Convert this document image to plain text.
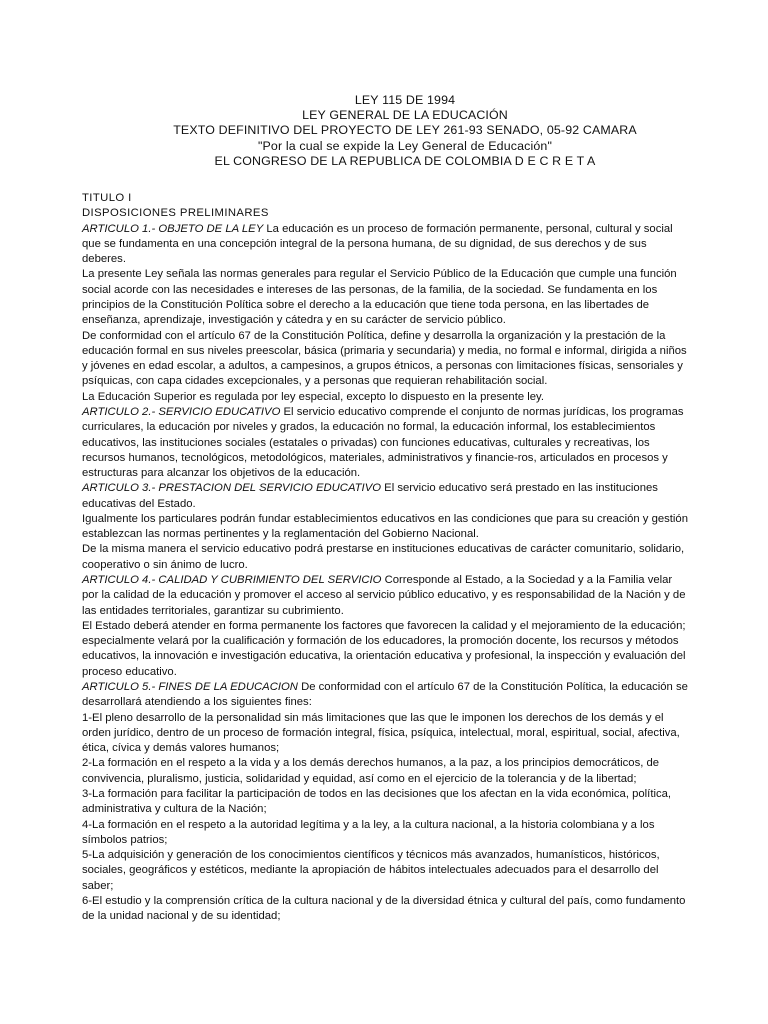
LEY 115 DE 1994
LEY GENERAL DE LA EDUCACIÓN
TEXTO DEFINITIVO DEL PROYECTO DE LEY 261-93 SENADO, 05-92 CAMARA
"Por la cual se expide la Ley General de Educación"
EL CONGRESO DE LA REPUBLICA DE COLOMBIA D E C R E T A

TITULO I

DISPOSICIONES PRELIMINARES

ARTICULO 1.- OBJETO DE LA LEY La educación es un proceso de formación permanente, personal, cultural y social que se fundamenta en una concepción integral de la persona humana, de su dignidad, de sus derechos y de sus deberes.

La presente Ley señala las normas generales para regular el Servicio Público de la Educación que cumple una función social acorde con las necesidades e intereses de las personas, de la familia, de la sociedad. Se fundamenta en los principios de la Constitución Política sobre el derecho a la educación que tiene toda persona, en las libertades de enseñanza, aprendizaje, investigación y cátedra y en su carácter de servicio público.

De conformidad con el artículo 67 de la Constitución Política, define y desarrolla la organización y la prestación de la educación formal en sus niveles preescolar, básica (primaria y secundaria) y media, no formal e informal, dirigida a niños y jóvenes en edad escolar, a adultos, a campesinos, a grupos étnicos, a personas con limitaciones físicas, sensoriales y psíquicas, con capa cidades excepcionales, y a personas que requieran rehabilitación social.

La Educación Superior es regulada por ley especial, excepto lo dispuesto en la presente ley.

ARTICULO 2.- SERVICIO EDUCATIVO El servicio educativo comprende el conjunto de normas jurídicas, los programas curriculares, la educación por niveles y grados, la educación no formal, la educación informal, los establecimientos educativos, las instituciones sociales (estatales o privadas) con funciones educativas, culturales y recreativas, los recursos humanos, tecnológicos, metodológicos, materiales, administrativos y financie-ros, articulados en procesos y estructuras para alcanzar los objetivos de la educación.

ARTICULO 3.- PRESTACION DEL SERVICIO EDUCATIVO El servicio educativo será prestado en las instituciones educativas del Estado.

Igualmente los particulares podrán fundar establecimientos educativos en las condiciones que para su creación y gestión establezcan las normas pertinentes y la reglamentación del Gobierno Nacional.

De la misma manera el servicio educativo podrá prestarse en instituciones educativas de carácter comunitario, solidario, cooperativo o sin ánimo de lucro.

ARTICULO 4.- CALIDAD Y CUBRIMIENTO DEL SERVICIO Corresponde al Estado, a la Sociedad y a la Familia velar por la calidad de la educación y promover el acceso al servicio público educativo, y es responsabilidad de la Nación y de las entidades territoriales, garantizar su cubrimiento.

El Estado deberá atender en forma permanente los factores que favorecen la calidad y el mejoramiento de la educación; especialmente velará por la cualificación y formación de los educadores, la promoción docente, los recursos y métodos educativos, la innovación e investigación educativa, la orientación educativa y profesional, la inspección y evaluación del proceso educativo.

ARTICULO 5.- FINES DE LA EDUCACION De conformidad con el artículo 67 de la Constitución Política, la educación se desarrollará atendiendo a los siguientes fines:

1-El pleno desarrollo de la personalidad sin más limitaciones que las que le imponen los derechos de los demás y el orden jurídico, dentro de un proceso de formación integral, física, psíquica, intelectual, moral, espiritual, social, afectiva, ética, cívica y demás valores humanos;

2-La formación en el respeto a la vida y a los demás derechos humanos, a la paz, a los principios democráticos, de convivencia, pluralismo, justicia, solidaridad y equidad, así como en el ejercicio de la tolerancia y de la libertad;

3-La formación para facilitar la participación de todos en las decisiones que los afectan en la vida económica, política, administrativa y cultura de la Nación;

4-La formación en el respeto a la autoridad legítima y a la ley, a la cultura nacional, a la historia colombiana y a los símbolos patrios;

5-La adquisición y generación de los conocimientos científicos y técnicos más avanzados, humanísticos, históricos, sociales, geográficos y estéticos, mediante la apropiación de hábitos intelectuales adecuados para el desarrollo del saber;

6-El estudio y la comprensión crítica de la cultura nacional y de la diversidad étnica y cultural del país, como fundamento de la unidad nacional y de su identidad;
